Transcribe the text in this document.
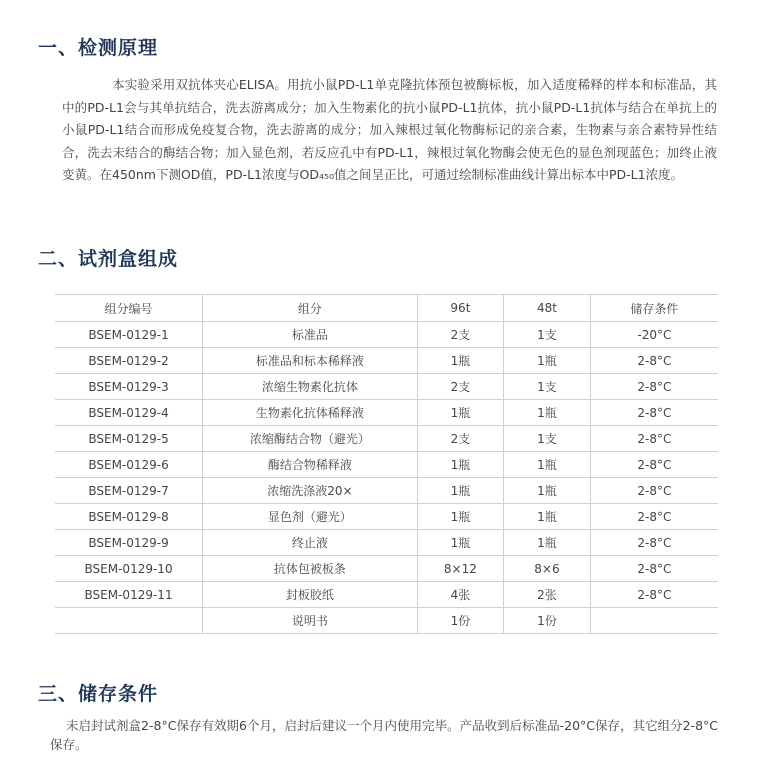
一、检测原理

本实验采用双抗体夹心ELISA。用抗小鼠PD-L1单克隆抗体预包被酶标板，加入适度稀释的样本和标准品，其中的PD-L1会与其单抗结合，洗去游离成分；加入生物素化的抗小鼠PD-L1抗体，抗小鼠PD-L1抗体与结合在单抗上的小鼠PD-L1结合而形成免疫复合物，洗去游离的成分；加入辣根过氧化物酶标记的亲合素，生物素与亲合素特异性结合，洗去未结合的酶结合物；加入显色剂，若反应孔中有PD-L1，辣根过氧化物酶会使无色的显色剂现蓝色；加终止液变黄。在450nm下测OD值，PD-L1浓度与OD₄₅₀值之间呈正比，可通过绘制标准曲线计算出标本中PD-L1浓度。

二、试剂盒组成
组分编号	组分	96t	48t	储存条件
BSEM-0129-1	标准品	2支	1支	-20°C
BSEM-0129-2	标准品和标本稀释液	1瓶	1瓶	2-8°C
BSEM-0129-3	浓缩生物素化抗体	2支	1支	2-8°C
BSEM-0129-4	生物素化抗体稀释液	1瓶	1瓶	2-8°C
BSEM-0129-5	浓缩酶结合物（避光）	2支	1支	2-8°C
BSEM-0129-6	酶结合物稀释液	1瓶	1瓶	2-8°C
BSEM-0129-7	浓缩洗涤液20×	1瓶	1瓶	2-8°C
BSEM-0129-8	显色剂（避光）	1瓶	1瓶	2-8°C
BSEM-0129-9	终止液	1瓶	1瓶	2-8°C
BSEM-0129-10	抗体包被板条	8×12	8×6	2-8°C
BSEM-0129-11	封板胶纸	4张	2张	2-8°C
	说明书	1份	1份	
三、储存条件

未启封试剂盒2-8°C保存有效期6个月，启封后建议一个月内使用完毕。产品收到后标准品-20°C保存，其它组分2-8°C保存。
